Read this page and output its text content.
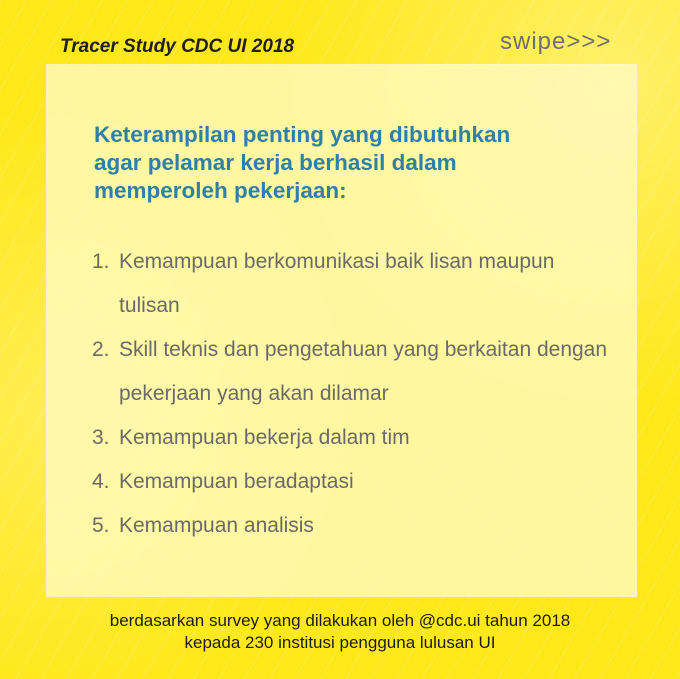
Tracer Study CDC UI 2018	swipe>>>
Keterampilan penting yang dibutuhkan
agar pelamar kerja berhasil dalam
memperoleh pekerjaan:
1. Kemampuan berkomunikasi baik lisan maupun tulisan
2. Skill teknis dan pengetahuan yang berkaitan dengan pekerjaan yang akan dilamar
3. Kemampuan bekerja dalam tim
4. Kemampuan beradaptasi
5. Kemampuan analisis
berdasarkan survey yang dilakukan oleh @cdc.ui tahun 2018
kepada 230 institusi pengguna lulusan UI
